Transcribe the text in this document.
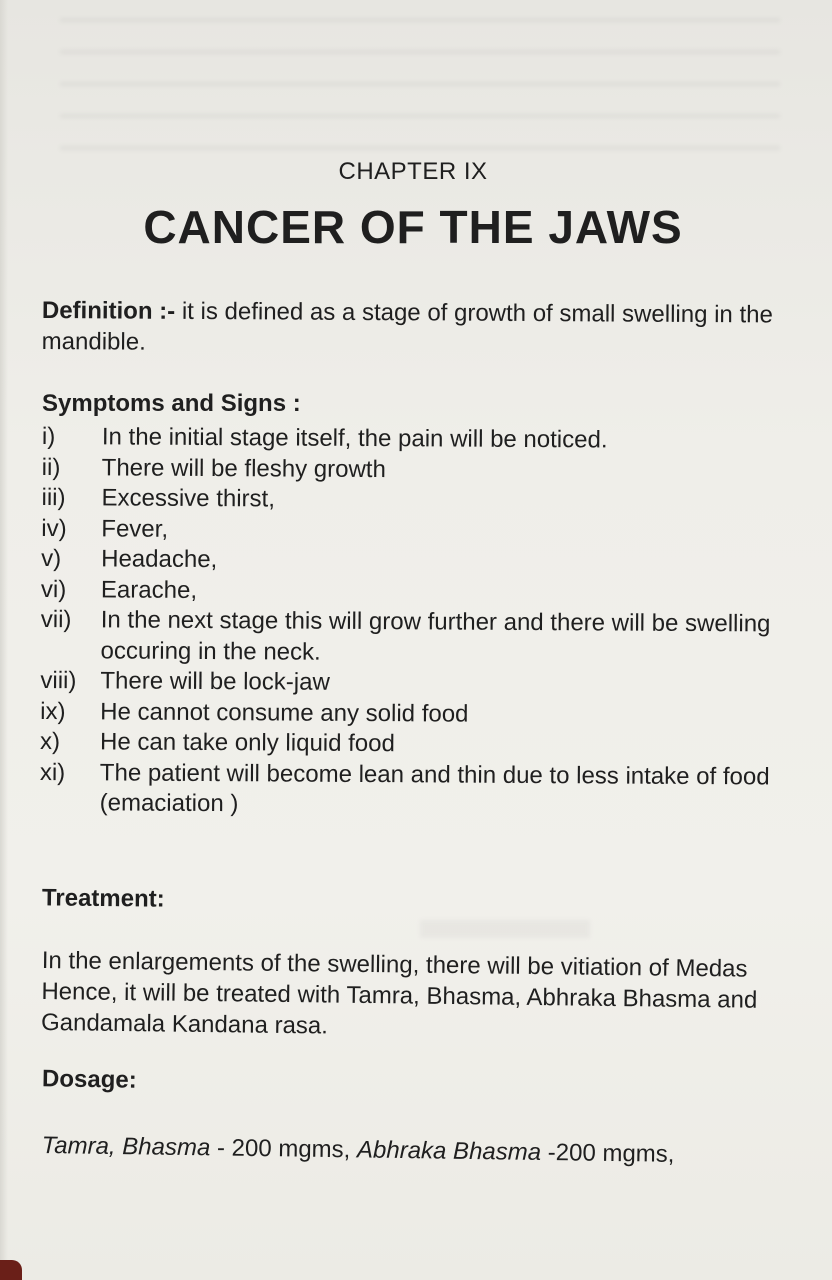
CHAPTER IX
CANCER OF THE JAWS
Definition :- it is defined as a stage of growth of small swelling in the mandible.
Symptoms and Signs :
i)	In the initial stage itself, the pain will be noticed.
ii)	There will be fleshy growth
iii)	Excessive thirst,
iv)	Fever,
v)	Headache,
vi)	Earache,
vii)	In the next stage this will grow further and there will be swelling occuring in the neck.
viii) There will be lock-jaw
ix)	He cannot consume any solid food
x)	He can take only liquid food
xi)	The patient will become lean and thin due to less intake of food (emaciation )
Treatment:
In the enlargements of the swelling, there will be vitiation of Medas Hence, it will be treated with Tamra, Bhasma, Abhraka Bhasma and Gandamala Kandana rasa.
Dosage:
Tamra, Bhasma - 200 mgms, Abhraka Bhasma -200 mgms,
